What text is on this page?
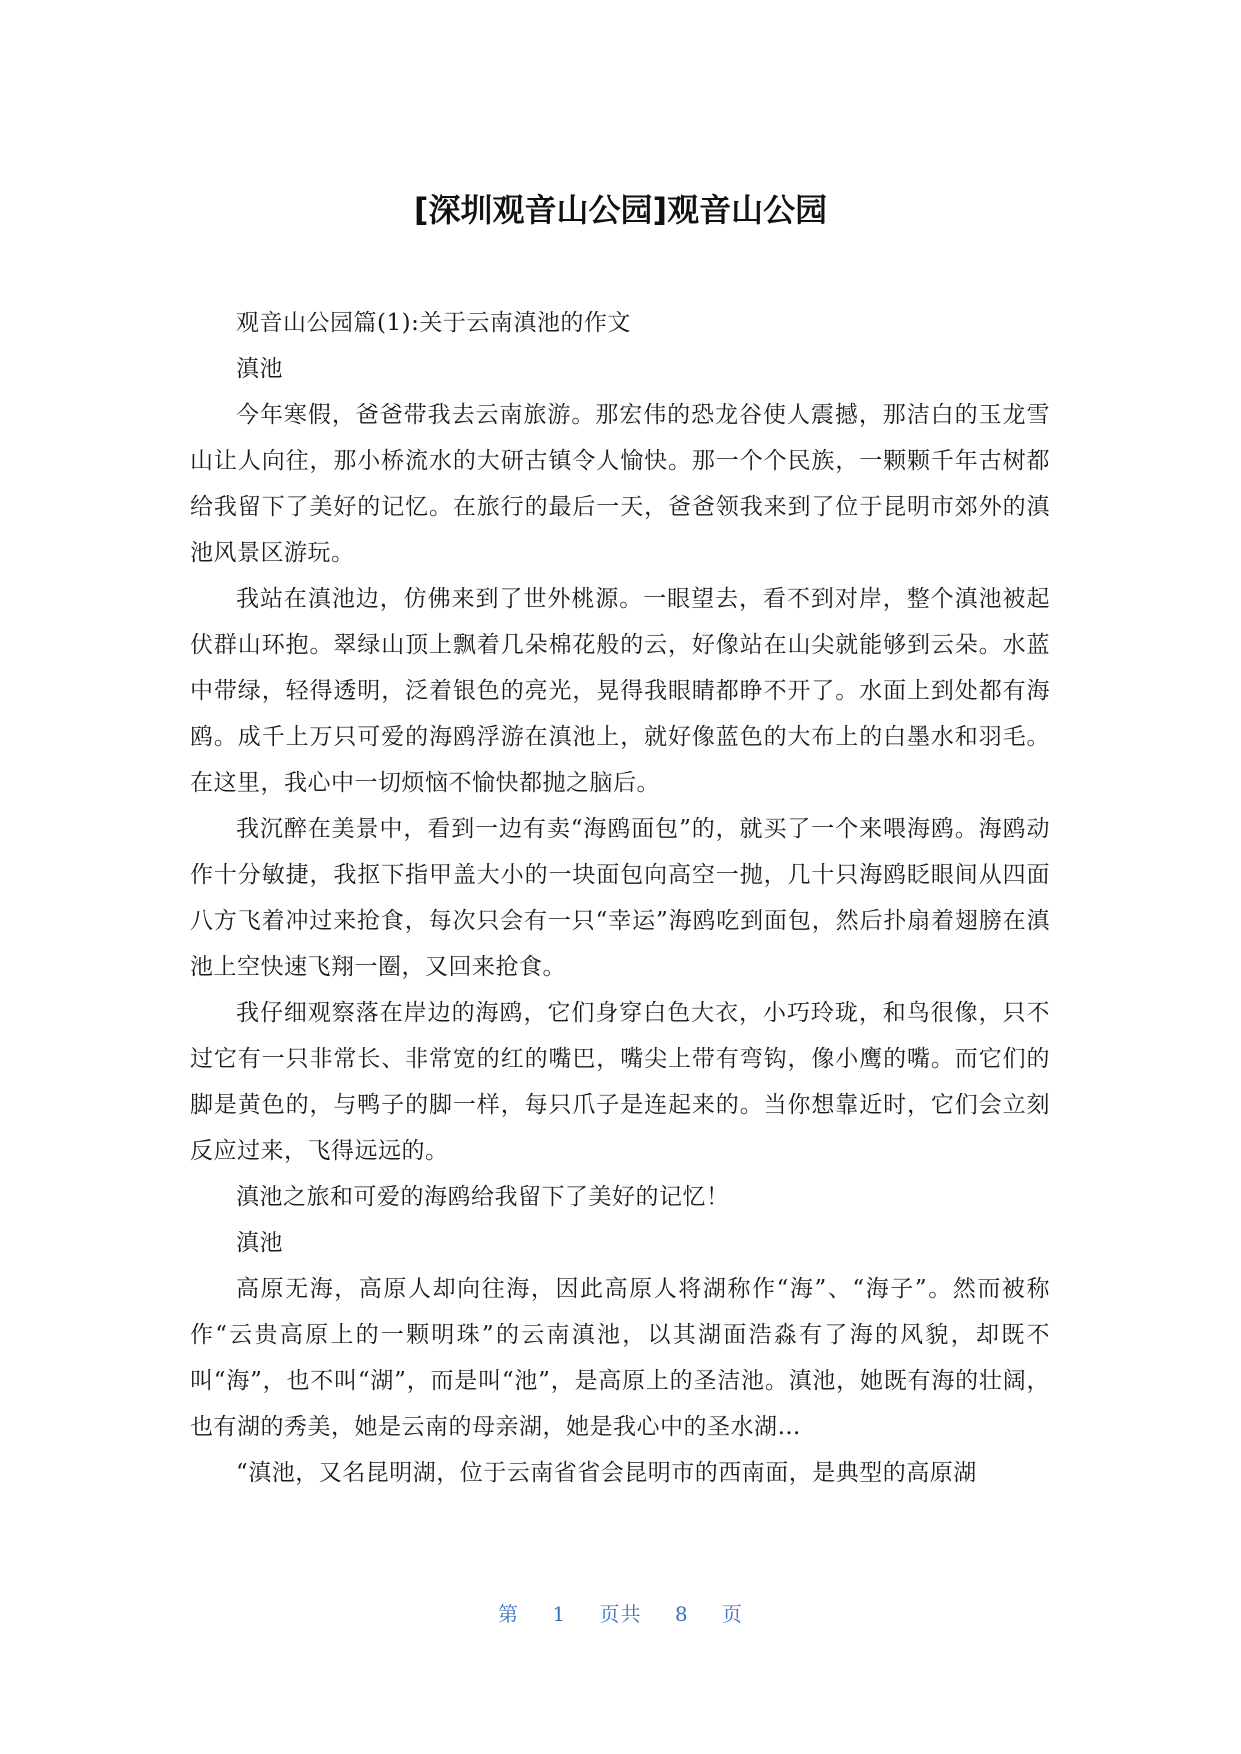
[深圳观音山公园]观音山公园

观音山公园篇(1):关于云南滇池的作文

滇池

今年寒假，爸爸带我去云南旅游。那宏伟的恐龙谷使人震撼，那洁白的玉龙雪山让人向往，那小桥流水的大研古镇令人愉快。那一个个民族，一颗颗千年古树都给我留下了美好的记忆。在旅行的最后一天，爸爸领我来到了位于昆明市郊外的滇池风景区游玩。

我站在滇池边，仿佛来到了世外桃源。一眼望去，看不到对岸，整个滇池被起伏群山环抱。翠绿山顶上飘着几朵棉花般的云，好像站在山尖就能够到云朵。水蓝中带绿，轻得透明，泛着银色的亮光，晃得我眼睛都睁不开了。水面上到处都有海鸥。成千上万只可爱的海鸥浮游在滇池上，就好像蓝色的大布上的白墨水和羽毛。在这里，我心中一切烦恼不愉快都抛之脑后。

我沉醉在美景中，看到一边有卖“海鸥面包”的，就买了一个来喂海鸥。海鸥动作十分敏捷，我抠下指甲盖大小的一块面包向高空一抛，几十只海鸥眨眼间从四面八方飞着冲过来抢食，每次只会有一只“幸运”海鸥吃到面包，然后扑扇着翅膀在滇池上空快速飞翔一圈，又回来抢食。

我仔细观察落在岸边的海鸥，它们身穿白色大衣，小巧玲珑，和鸟很像，只不过它有一只非常长、非常宽的红的嘴巴，嘴尖上带有弯钩，像小鹰的嘴。而它们的脚是黄色的，与鸭子的脚一样，每只爪子是连起来的。当你想靠近时，它们会立刻反应过来，飞得远远的。

滇池之旅和可爱的海鸥给我留下了美好的记忆！

滇池

高原无海，高原人却向往海，因此高原人将湖称作“海”、“海子”。然而被称作“云贵高原上的一颗明珠”的云南滇池，以其湖面浩淼有了海的风貌，却既不叫“海”，也不叫“湖”，而是叫“池”，是高原上的圣洁池。滇池，她既有海的壮阔，也有湖的秀美，她是云南的母亲湖，她是我心中的圣水湖…

“滇池，又名昆明湖，位于云南省省会昆明市的西南面，是典型的高原湖

第 1 页共 8 页
